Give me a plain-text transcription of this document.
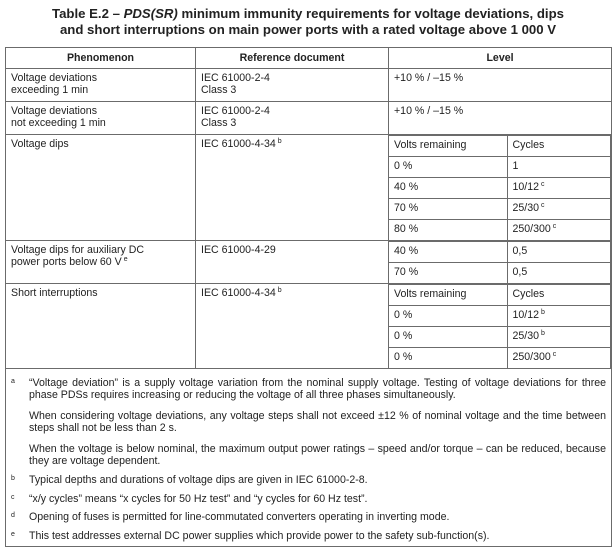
Table E.2 – PDS(SR) minimum immunity requirements for voltage deviations, dips
and short interruptions on main power ports with a rated voltage above 1 000 V
Phenomenon	Reference document	Level

Voltage deviations
exceeding 1 min

IEC 61000-2-4
Class 3
	+10 % / –15 %

Voltage deviations
not exceeding 1 min

IEC 61000-2-4
Class 3
	+10 % / –15 %
Voltage dips	IEC 61000-4-34 $^b$		Volts remaining	Cycles
0 %	1
40 %	10/12 $^c$
70 %	25/30 $^c$
80 %	250/300 $^c$

Voltage dips for auxiliary DC
power ports below 60 V $^e$
	IEC 61000-4-29		40 %	0,5
70 %	0,5

Short interruptions	IEC 61000-4-34 $^b$		Volts remaining	Cycles
0 %	10/12 $^b$
0 %	25/30 $^b$
0 %	250/300 $^c$

a	“Voltage deviation” is a supply voltage variation from the nominal supply voltage. Testing of voltage deviations for three phase PDSs requires increasing or reducing the voltage of all three phases simultaneously.
When considering voltage deviations, any voltage steps shall not exceed ±12 % of nominal voltage and the time between steps shall not be less than 2 s.
When the voltage is below nominal, the maximum output power ratings – speed and/or torque – can be reduced, because they are voltage dependent.
b	Typical depths and durations of voltage dips are given in IEC 61000-2-8.
c	“x/y cycles” means “x cycles for 50 Hz test” and “y cycles for 60 Hz test”.
d	Opening of fuses is permitted for line-commutated converters operating in inverting mode.
e	This test addresses external DC power supplies which provide power to the safety sub-function(s).
